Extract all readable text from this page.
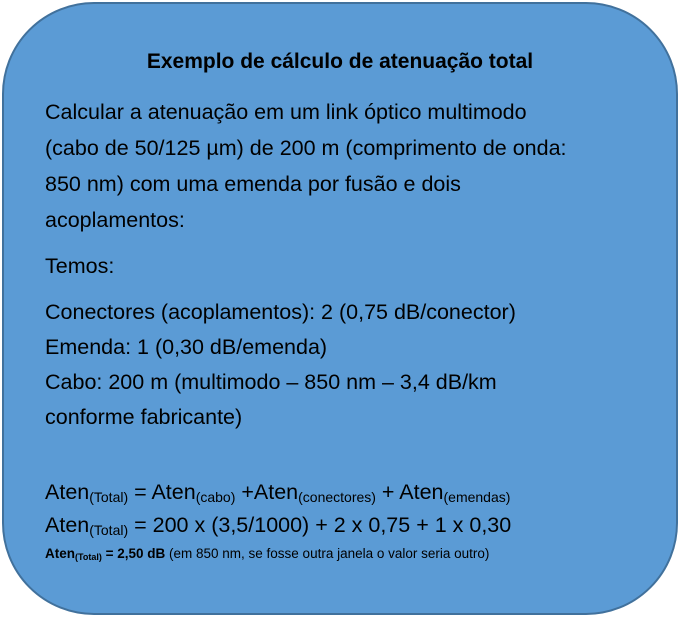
Exemplo de cálculo de atenuação total
Calcular a atenuação em um link óptico multimodo
(cabo de 50/125 µm) de 200 m (comprimento de onda:
850 nm) com uma emenda por fusão e dois
acoplamentos:
Temos:
Conectores (acoplamentos): 2 (0,75 dB/conector)
Emenda: 1 (0,30 dB/emenda)
Cabo: 200 m (multimodo – 850 nm – 3,4 dB/km
conforme fabricante)
Aten$_{(Total)}$ = Aten$_{(cabo)}$ +Aten$_{(conectores)}$ + Aten$_{(emendas)}$
Aten$_{(Total)}$ = 200 x (3,5/1000) + 2 x 0,75 + 1 x 0,30
Aten(Total) = 2,50 dB (em 850 nm, se fosse outra janela o valor seria outro)
